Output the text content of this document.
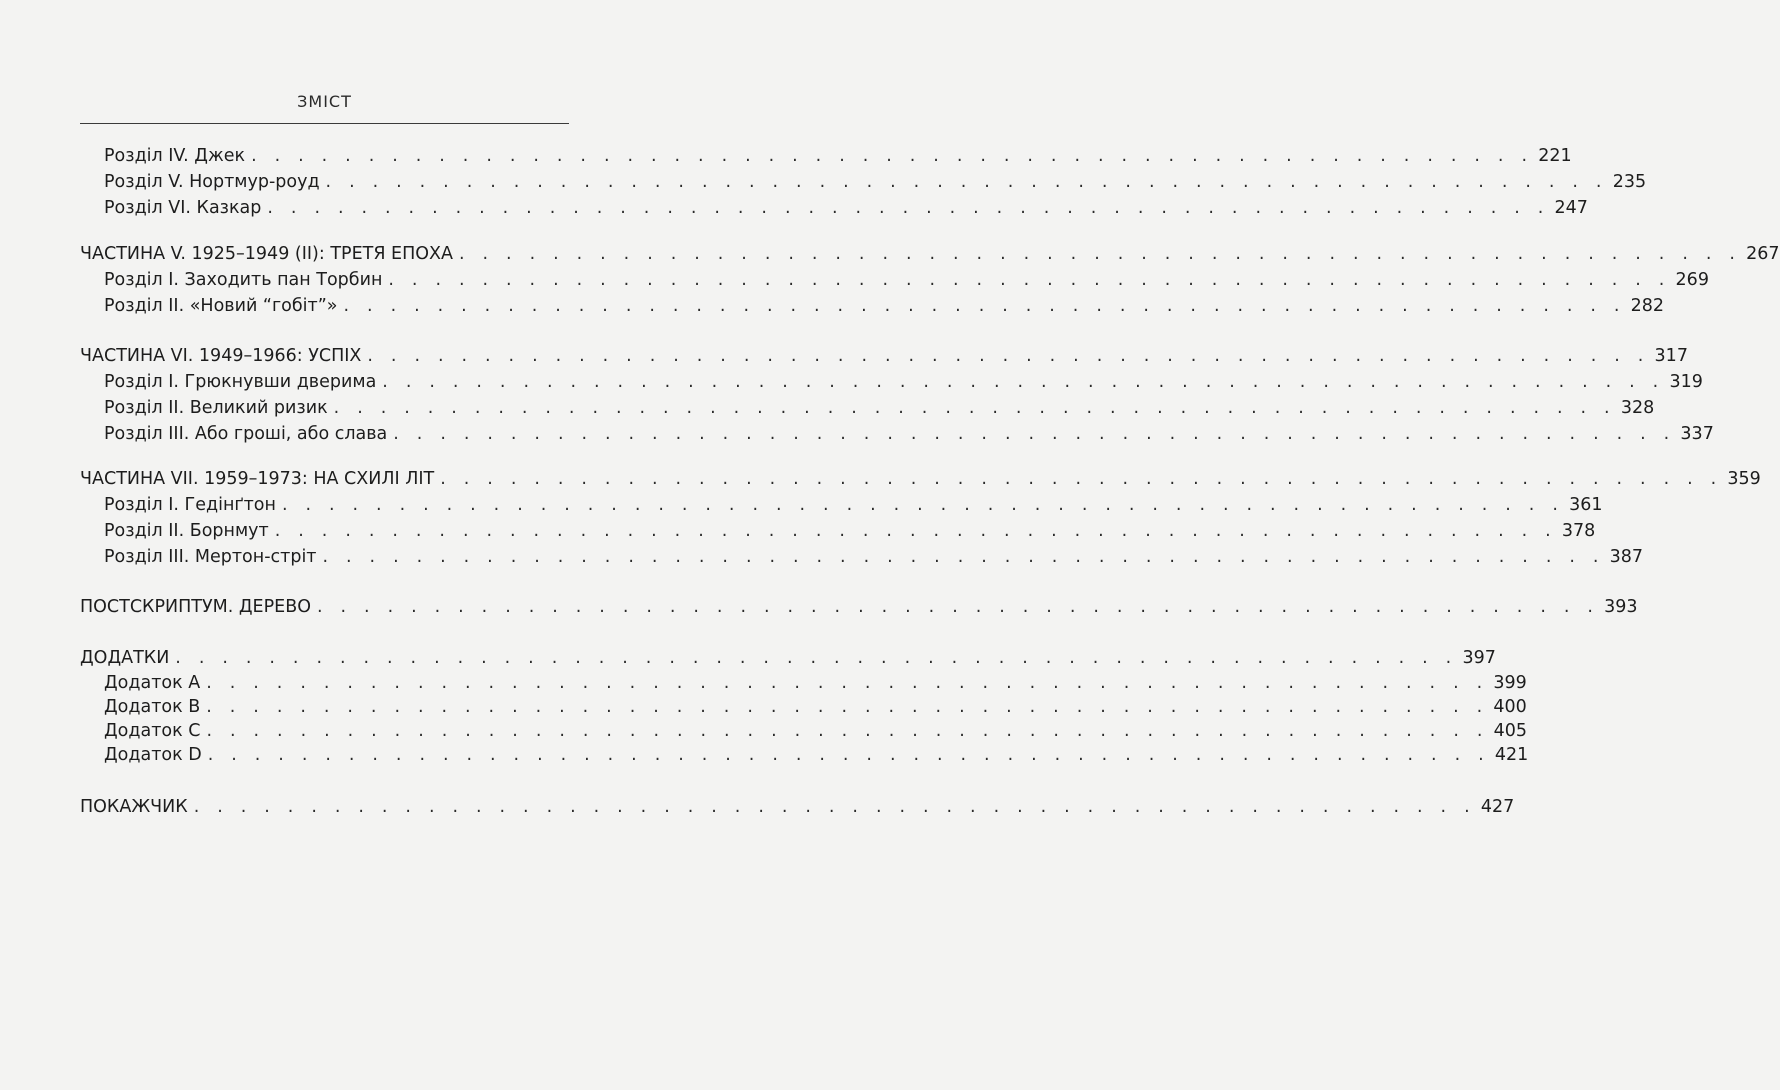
ЗМІСТ
Розділ IV. Джек . . . . . . . . . . . . . . . . . . . . . . . . . . . . . . . . . . . . . . . . . . . . . . . . . . . . . . . 221
Розділ V. Нортмур-роуд . . . . . . . . . . . . . . . . . . . . . . . . . . . . . . . . . . . . . . . . . . . . . . . . . . . . . . . 235
Розділ VI. Казкар . . . . . . . . . . . . . . . . . . . . . . . . . . . . . . . . . . . . . . . . . . . . . . . . . . . . . . . 247
ЧАСТИНА V. 1925–1949 (II): ТРЕТЯ ЕПОХА . . . . . . . . . . . . . . . . . . . . . . . . . . . . . . . . . . . . . . . . . . . . . . . . . . . . . . . 267
Розділ I. Заходить пан Торбин . . . . . . . . . . . . . . . . . . . . . . . . . . . . . . . . . . . . . . . . . . . . . . . . . . . . . . . 269
Розділ II. «Новий “гобіт”» . . . . . . . . . . . . . . . . . . . . . . . . . . . . . . . . . . . . . . . . . . . . . . . . . . . . . . . 282
ЧАСТИНА VI. 1949–1966: УСПІХ . . . . . . . . . . . . . . . . . . . . . . . . . . . . . . . . . . . . . . . . . . . . . . . . . . . . . . . 317
Розділ I. Грюкнувши дверима . . . . . . . . . . . . . . . . . . . . . . . . . . . . . . . . . . . . . . . . . . . . . . . . . . . . . . . 319
Розділ II. Великий ризик . . . . . . . . . . . . . . . . . . . . . . . . . . . . . . . . . . . . . . . . . . . . . . . . . . . . . . . 328
Розділ III. Або гроші, або слава . . . . . . . . . . . . . . . . . . . . . . . . . . . . . . . . . . . . . . . . . . . . . . . . . . . . . . . 337
ЧАСТИНА VII. 1959–1973: НА СХИЛІ ЛІТ . . . . . . . . . . . . . . . . . . . . . . . . . . . . . . . . . . . . . . . . . . . . . . . . . . . . . . . 359
Розділ I. Гедінґтон . . . . . . . . . . . . . . . . . . . . . . . . . . . . . . . . . . . . . . . . . . . . . . . . . . . . . . . 361
Розділ II. Борнмут . . . . . . . . . . . . . . . . . . . . . . . . . . . . . . . . . . . . . . . . . . . . . . . . . . . . . . . 378
Розділ III. Мертон-стріт . . . . . . . . . . . . . . . . . . . . . . . . . . . . . . . . . . . . . . . . . . . . . . . . . . . . . . . 387
ПОСТСКРИПТУМ. ДЕРЕВО . . . . . . . . . . . . . . . . . . . . . . . . . . . . . . . . . . . . . . . . . . . . . . . . . . . . . . . 393
ДОДАТКИ . . . . . . . . . . . . . . . . . . . . . . . . . . . . . . . . . . . . . . . . . . . . . . . . . . . . . . . 397
Додаток А . . . . . . . . . . . . . . . . . . . . . . . . . . . . . . . . . . . . . . . . . . . . . . . . . . . . . . . 399
Додаток B . . . . . . . . . . . . . . . . . . . . . . . . . . . . . . . . . . . . . . . . . . . . . . . . . . . . . . . 400
Додаток C . . . . . . . . . . . . . . . . . . . . . . . . . . . . . . . . . . . . . . . . . . . . . . . . . . . . . . . 405
Додаток D . . . . . . . . . . . . . . . . . . . . . . . . . . . . . . . . . . . . . . . . . . . . . . . . . . . . . . . 421
ПОКАЖЧИК . . . . . . . . . . . . . . . . . . . . . . . . . . . . . . . . . . . . . . . . . . . . . . . . . . . . . . . 427
